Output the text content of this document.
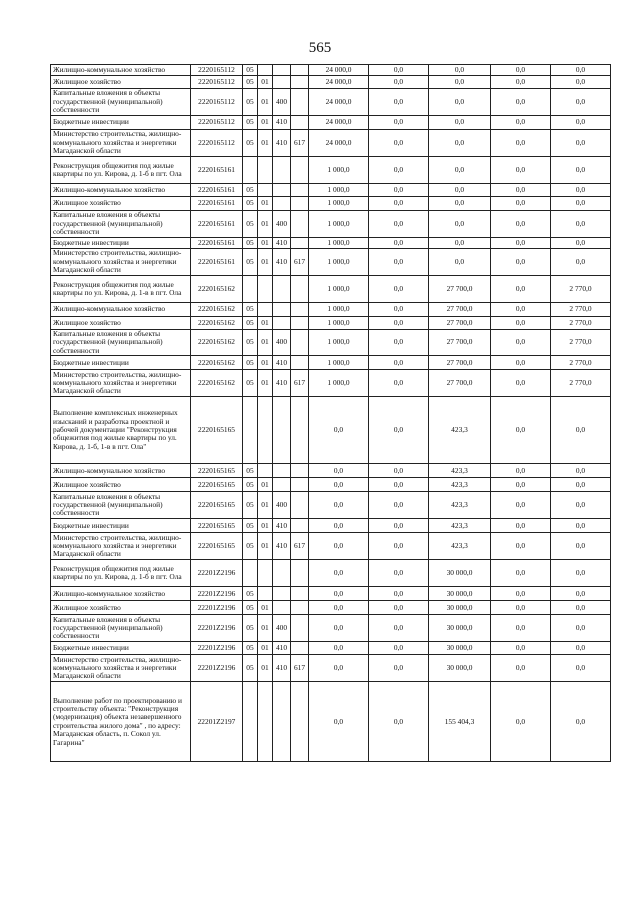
565
Жилищно-коммунальное хозяйство	2220165112	05				24 000,0	0,0	0,0	0,0	0,0
Жилищное хозяйство	2220165112	05	01			24 000,0	0,0	0,0	0,0	0,0
Капитальные вложения в объекты государственной (муниципальной) собственности	2220165112	05	01	400		24 000,0	0,0	0,0	0,0	0,0
Бюджетные инвестиции	2220165112	05	01	410		24 000,0	0,0	0,0	0,0	0,0
Министерство строительства, жилищно-коммунального хозяйства и энергетики Магаданской области	2220165112	05	01	410	617	24 000,0	0,0	0,0	0,0	0,0
Реконструкция общежития под жилые квартиры по ул. Кирова, д. 1-б в пгт. Ола	2220165161					1 000,0	0,0	0,0	0,0	0,0
Жилищно-коммунальное хозяйство	2220165161	05				1 000,0	0,0	0,0	0,0	0,0
Жилищное хозяйство	2220165161	05	01			1 000,0	0,0	0,0	0,0	0,0
Капитальные вложения в объекты государственной (муниципальной) собственности	2220165161	05	01	400		1 000,0	0,0	0,0	0,0	0,0
Бюджетные инвестиции	2220165161	05	01	410		1 000,0	0,0	0,0	0,0	0,0
Министерство строительства, жилищно-коммунального хозяйства и энергетики Магаданской области	2220165161	05	01	410	617	1 000,0	0,0	0,0	0,0	0,0
Реконструкция общежития под жилые квартиры по ул. Кирова, д. 1-в в пгт. Ола	2220165162					1 000,0	0,0	27 700,0	0,0	2 770,0
Жилищно-коммунальное хозяйство	2220165162	05				1 000,0	0,0	27 700,0	0,0	2 770,0
Жилищное хозяйство	2220165162	05	01			1 000,0	0,0	27 700,0	0,0	2 770,0
Капитальные вложения в объекты государственной (муниципальной) собственности	2220165162	05	01	400		1 000,0	0,0	27 700,0	0,0	2 770,0
Бюджетные инвестиции	2220165162	05	01	410		1 000,0	0,0	27 700,0	0,0	2 770,0
Министерство строительства, жилищно-коммунального хозяйства и энергетики Магаданской области	2220165162	05	01	410	617	1 000,0	0,0	27 700,0	0,0	2 770,0
Выполнение комплексных инженерных изысканий и разработка проектной и рабочей документации "Реконструкция общежития под жилые квартиры по ул. Кирова, д. 1-б, 1-в в пгт. Ола"	2220165165					0,0	0,0	423,3	0,0	0,0
Жилищно-коммунальное хозяйство	2220165165	05				0,0	0,0	423,3	0,0	0,0
Жилищное хозяйство	2220165165	05	01			0,0	0,0	423,3	0,0	0,0
Капитальные вложения в объекты государственной (муниципальной) собственности	2220165165	05	01	400		0,0	0,0	423,3	0,0	0,0
Бюджетные инвестиции	2220165165	05	01	410		0,0	0,0	423,3	0,0	0,0
Министерство строительства, жилищно-коммунального хозяйства и энергетики Магаданской области	2220165165	05	01	410	617	0,0	0,0	423,3	0,0	0,0
Реконструкция общежития под жилые квартиры по ул. Кирова, д. 1-б в пгт. Ола	22201Z2196					0,0	0,0	30 000,0	0,0	0,0
Жилищно-коммунальное хозяйство	22201Z2196	05				0,0	0,0	30 000,0	0,0	0,0
Жилищное хозяйство	22201Z2196	05	01			0,0	0,0	30 000,0	0,0	0,0
Капитальные вложения в объекты государственной (муниципальной) собственности	22201Z2196	05	01	400		0,0	0,0	30 000,0	0,0	0,0
Бюджетные инвестиции	22201Z2196	05	01	410		0,0	0,0	30 000,0	0,0	0,0
Министерство строительства, жилищно-коммунального хозяйства и энергетики Магаданской области	22201Z2196	05	01	410	617	0,0	0,0	30 000,0	0,0	0,0
Выполнение работ по проектированию и строительству объекта: "Реконструкция (модернизация) объекта незавершенного строительства жилого дома" , по адресу: Магаданская область, п. Сокол ул. Гагарина"	22201Z2197					0,0	0,0	155 404,3	0,0	0,0
